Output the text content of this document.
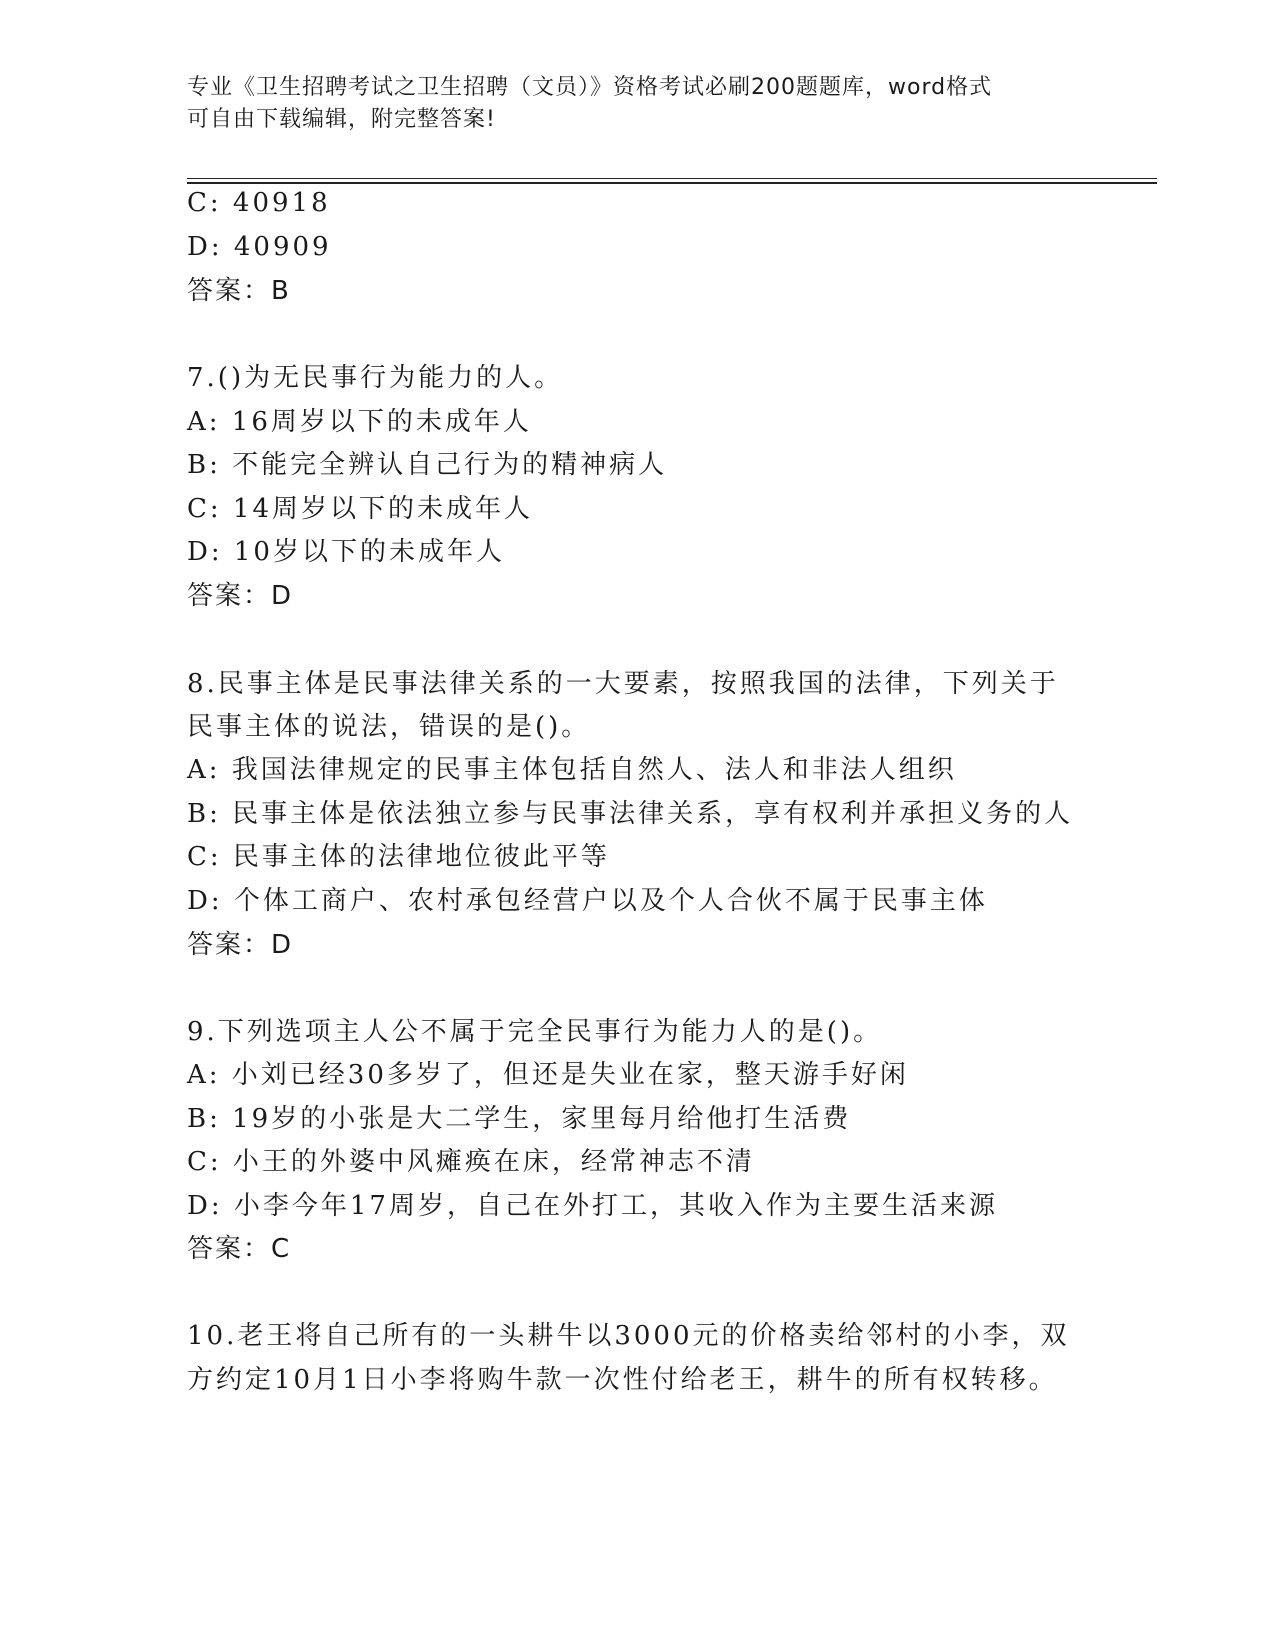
专业《卫生招聘考试之卫生招聘（文员）》资格考试必刷200题题库，word格式
可自由下载编辑，附完整答案!
C: 40918
D: 40909
答案：B
7.()为无民事行为能力的人。
A: 16周岁以下的未成年人
B: 不能完全辨认自己行为的精神病人
C: 14周岁以下的未成年人
D: 10岁以下的未成年人
答案：D
8.民事主体是民事法律关系的一大要素，按照我国的法律，下列关于
民事主体的说法，错误的是()。
A: 我国法律规定的民事主体包括自然人、法人和非法人组织
B: 民事主体是依法独立参与民事法律关系，享有权利并承担义务的人
C: 民事主体的法律地位彼此平等
D: 个体工商户、农村承包经营户以及个人合伙不属于民事主体
答案：D
9.下列选项主人公不属于完全民事行为能力人的是()。
A: 小刘已经30多岁了，但还是失业在家，整天游手好闲
B: 19岁的小张是大二学生，家里每月给他打生活费
C: 小王的外婆中风瘫痪在床，经常神志不清
D: 小李今年17周岁，自己在外打工，其收入作为主要生活来源
答案：C
10.老王将自己所有的一头耕牛以3000元的价格卖给邻村的小李，双
方约定10月1日小李将购牛款一次性付给老王，耕牛的所有权转移。
